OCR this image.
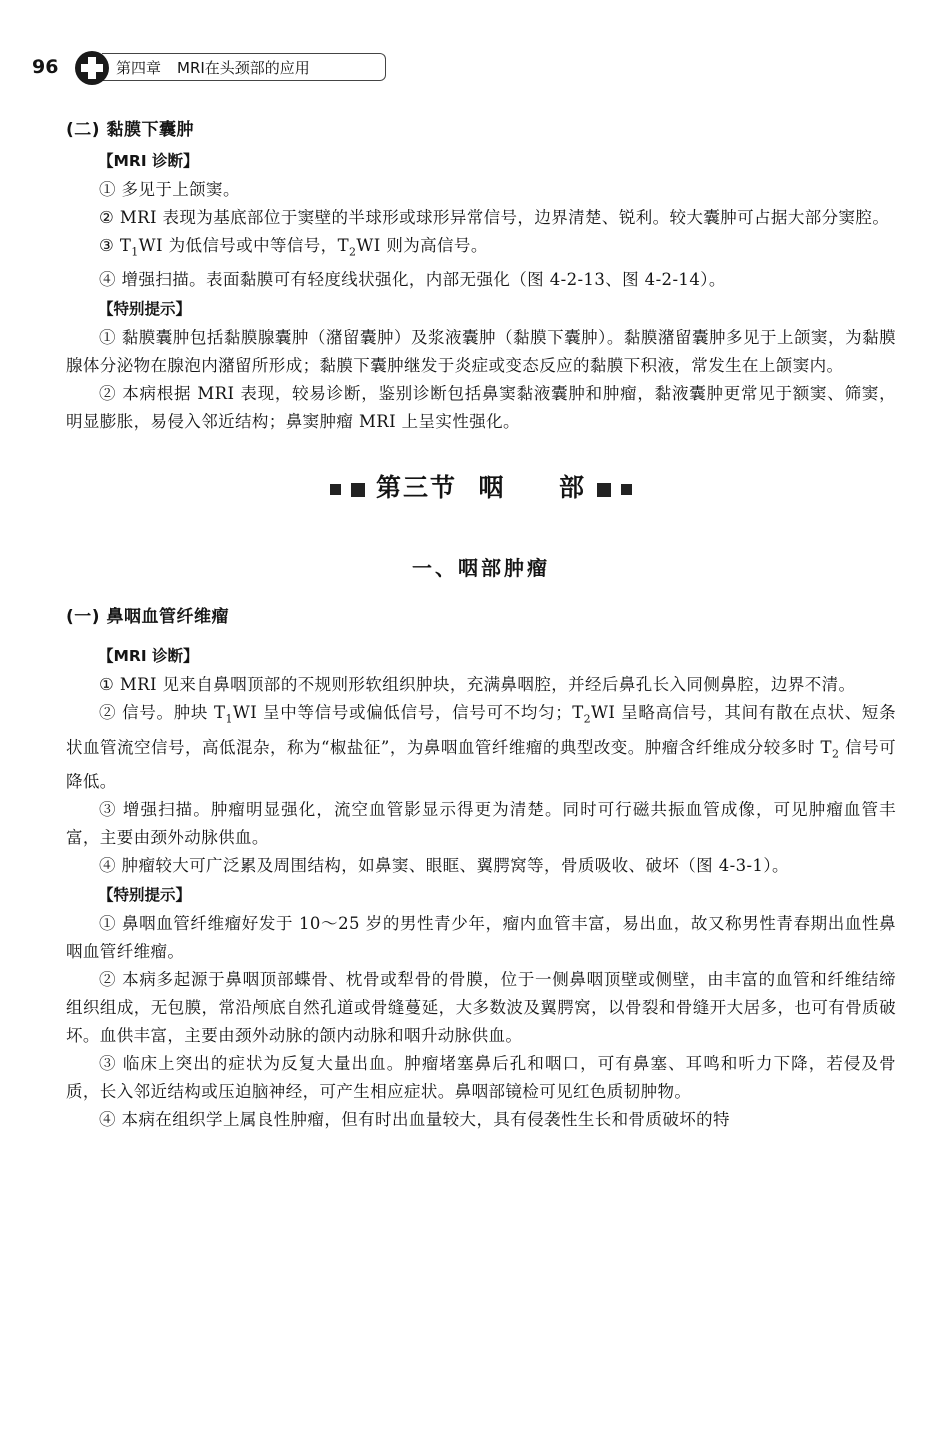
96	第四章 MRI在头颈部的应用
(二) 黏膜下囊肿
【MRI 诊断】

① 多见于上颌窦。

② MRI 表现为基底部位于窦壁的半球形或球形异常信号，边界清楚、锐利。较大囊肿可占据大部分窦腔。

③ $T_1WI$ 为低信号或中等信号，$T_2WI$ 则为高信号。

④ 增强扫描。表面黏膜可有轻度线状强化，内部无强化（图 4-2-13、图 4-2-14）。

【特别提示】

① 黏膜囊肿包括黏膜腺囊肿（潴留囊肿）及浆液囊肿（黏膜下囊肿）。黏膜潴留囊肿多见于上颌窦，为黏膜腺体分泌物在腺泡内潴留所形成；黏膜下囊肿继发于炎症或变态反应的黏膜下积液，常发生在上颌窦内。

② 本病根据 MRI 表现，较易诊断，鉴别诊断包括鼻窦黏液囊肿和肿瘤，黏液囊肿更常见于额窦、筛窦，明显膨胀，易侵入邻近结构；鼻窦肿瘤 MRI 上呈实性强化。

第三节  咽     部
一、咽部肿瘤
(一) 鼻咽血管纤维瘤
【MRI 诊断】

① MRI 见来自鼻咽顶部的不规则形软组织肿块，充满鼻咽腔，并经后鼻孔长入同侧鼻腔，边界不清。

② 信号。肿块 $T_1WI$ 呈中等信号或偏低信号，信号可不均匀；$T_2WI$ 呈略高信号，其间有散在点状、短条状血管流空信号，高低混杂，称为“椒盐征”，为鼻咽血管纤维瘤的典型改变。肿瘤含纤维成分较多时 $T_2$ 信号可降低。

③ 增强扫描。肿瘤明显强化，流空血管影显示得更为清楚。同时可行磁共振血管成像，可见肿瘤血管丰富，主要由颈外动脉供血。

④ 肿瘤较大可广泛累及周围结构，如鼻窦、眼眶、翼腭窝等，骨质吸收、破坏（图 4-3-1）。

【特别提示】

① 鼻咽血管纤维瘤好发于 10～25 岁的男性青少年，瘤内血管丰富，易出血，故又称男性青春期出血性鼻咽血管纤维瘤。

② 本病多起源于鼻咽顶部蝶骨、枕骨或犁骨的骨膜，位于一侧鼻咽顶壁或侧壁，由丰富的血管和纤维结缔组织组成，无包膜，常沿颅底自然孔道或骨缝蔓延，大多数波及翼腭窝，以骨裂和骨缝开大居多，也可有骨质破坏。血供丰富，主要由颈外动脉的颌内动脉和咽升动脉供血。

③ 临床上突出的症状为反复大量出血。肿瘤堵塞鼻后孔和咽口，可有鼻塞、耳鸣和听力下降，若侵及骨质，长入邻近结构或压迫脑神经，可产生相应症状。鼻咽部镜检可见红色质韧肿物。

④ 本病在组织学上属良性肿瘤，但有时出血量较大，具有侵袭性生长和骨质破坏的特
